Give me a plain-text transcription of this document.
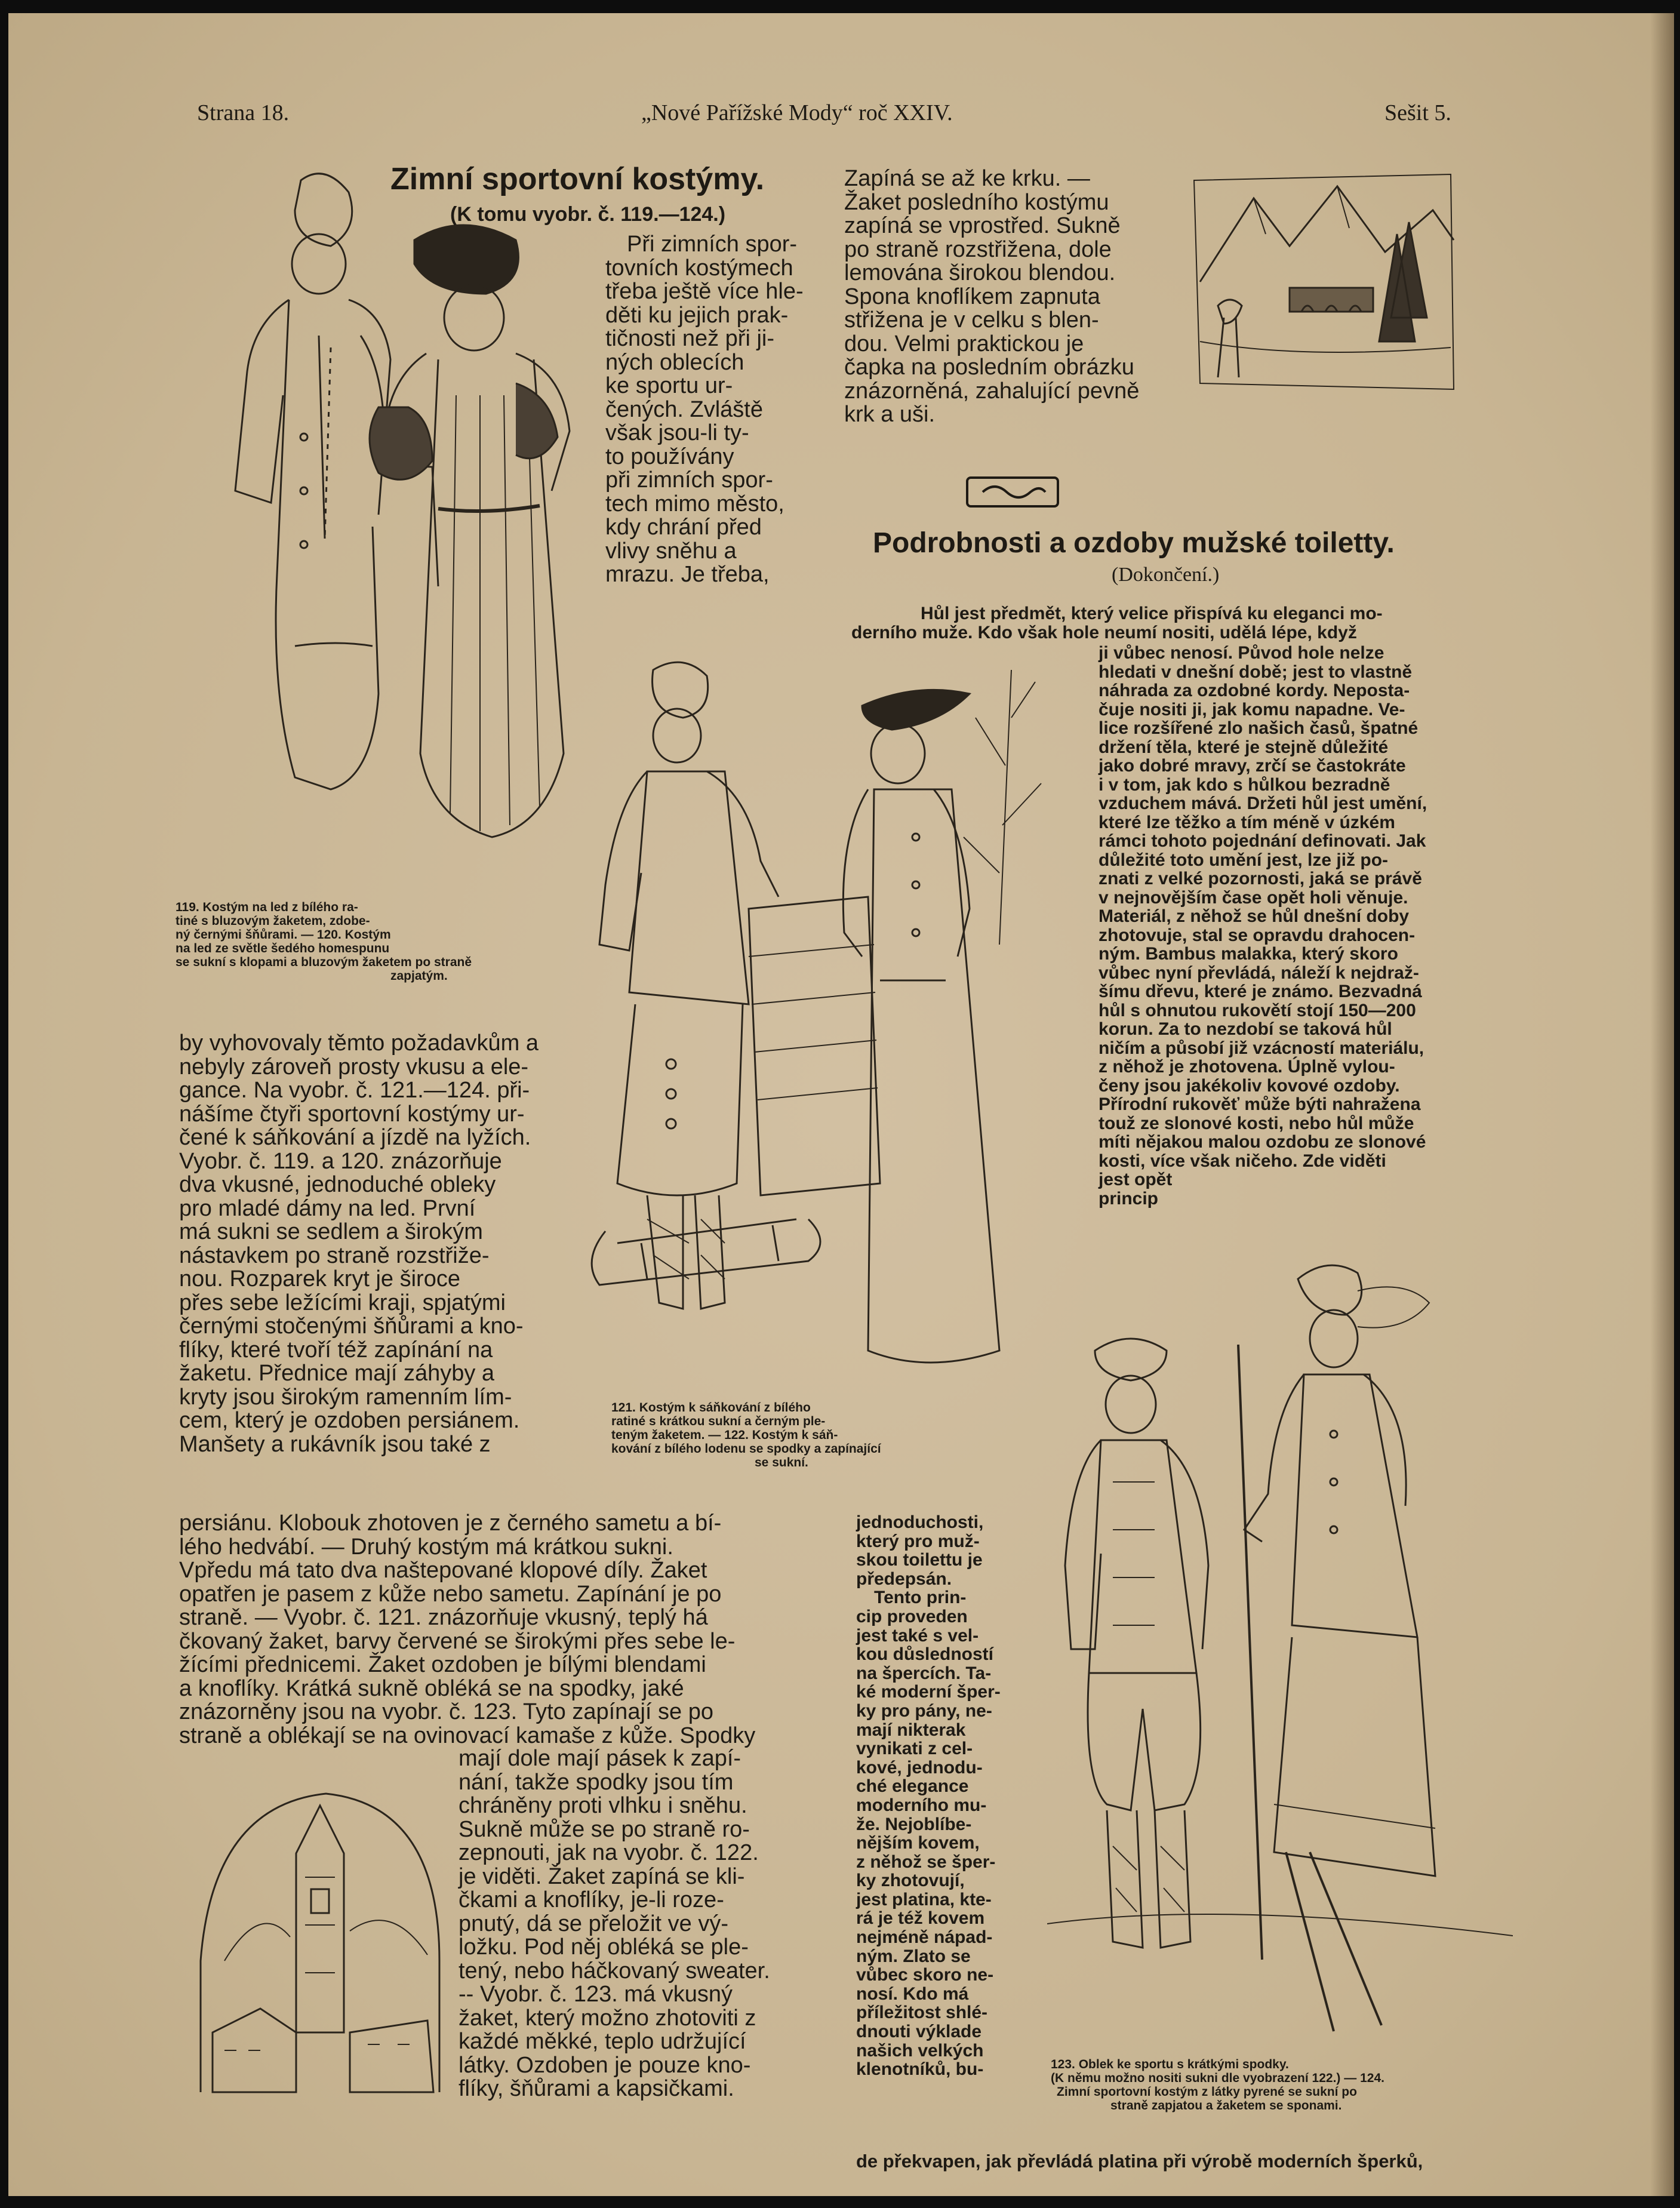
Strana 18.	„Nové Pařížské Mody“ roč XXIV.	Sešit 5.
Zimní sportovní kostýmy.
(K tomu vyobr. č. 119.—124.)

Při zimních spor-

tovních kostýmech

třeba ještě více hle-

děti ku jejich prak-

tičnosti než při ji-

ných oblecích

ke sportu ur-

čených. Zvláště

však jsou-li ty-

to používány

při zimních spor-

tech mimo město,

kdy chrání před

vlivy sněhu a

mrazu. Je třeba,

119. Kostým na led z bílého ra-
tiné s bluzovým žaketem, zdobe-
ný černými šňůrami. — 120. Kostým
na led ze světle šedého homespunu
se sukní s klopami a bluzovým žaketem po straně
zapjatým.

by vyhovovaly těmto požadavkům a

nebyly zároveň prosty vkusu a ele-

gance. Na vyobr. č. 121.—124. při-

nášíme čtyři sportovní kostýmy ur-

čené k sáňkování a jízdě na lyžích.

Vyobr. č. 119. a 120. znázorňuje

dva vkusné, jednoduché obleky

pro mladé dámy na led. První

má sukni se sedlem a širokým

nástavkem po straně rozstřiže-

nou. Rozparek kryt je široce

přes sebe ležícími kraji, spjatými

černými stočenými šňůrami a kno-

flíky, které tvoří též zapínání na

žaketu. Přednice mají záhyby a

kryty jsou širokým ramenním lím-

cem, který je ozdoben persiánem.

Manšety a rukávník jsou také z

121. Kostým k sáňkování z bílého
ratiné s krátkou sukní a černým ple-
teným žaketem. — 122. Kostým k sáň-
kování z bílého lodenu se spodky a zapínající
se sukní.

persiánu. Klobouk zhotoven je z černého sametu a bí-

lého hedvábí. — Druhý kostým má krátkou sukni.

Vpředu má tato dva naštepované klopové díly. Žaket

opatřen je pasem z kůže nebo sametu. Zapínání je po

straně. — Vyobr. č. 121. znázorňuje vkusný, teplý há

čkovaný žaket, barvy červené se širokými přes sebe le-

žícími přednicemi. Žaket ozdoben je bílými blendami

a knoflíky. Krátká sukně obléká se na spodky, jaké

znázorněny jsou na vyobr. č. 123. Tyto zapínají se po

straně a oblékají se na ovinovací kamaše z kůže. Spodky

mají dole mají pásek k zapí-

nání, takže spodky jsou tím

chráněny proti vlhku i sněhu.

Sukně může se po straně ro-

zepnouti, jak na vyobr. č. 122.

je viděti. Žaket zapíná se kli-

čkami a knoflíky, je-li roze-

pnutý, dá se přeložit ve vý-

ložku. Pod něj obléká se ple-

tený, nebo háčkovaný sweater.

-- Vyobr. č. 123. má vkusný

žaket, který možno zhotoviti z

každé měkké, teplo udržující

látky. Ozdoben je pouze kno-

flíky, šňůrami a kapsičkami.

Zapíná se až ke krku. —

Žaket posledního kostýmu

zapíná se vprostřed. Sukně

po straně rozstřižena, dole

lemována širokou blendou.

Spona knoflíkem zapnuta

střižena je v celku s blen-

dou. Velmi praktickou je

čapka na posledním obrázku

znázorněná, zahalující pevně

krk a uši.

Podrobnosti a ozdoby mužské toiletty.
(Dokončení.)

Hůl jest předmět, který velice přispívá ku eleganci mo-

derního muže. Kdo však hole neumí nositi, udělá lépe, když

ji vůbec nenosí. Původ hole nelze

hledati v dnešní době; jest to vlastně

náhrada za ozdobné kordy. Neposta-

čuje nositi ji, jak komu napadne. Ve-

lice rozšířené zlo našich časů, špatné

držení těla, které je stejně důležité

jako dobré mravy, zrčí se častokráte

i v tom, jak kdo s hůlkou bezradně

vzduchem mává. Držeti hůl jest umění,

které lze těžko a tím méně v úzkém

rámci tohoto pojednání definovati. Jak

důležité toto umění jest, lze již po-

znati z velké pozornosti, jaká se právě

v nejnovějším čase opět holi věnuje.

Materiál, z něhož se hůl dnešní doby

zhotovuje, stal se opravdu drahocen-

ným. Bambus malakka, který skoro

vůbec nyní převládá, náleží k nejdraž-

šímu dřevu, které je známo. Bezvadná

hůl s ohnutou rukovětí stojí 150—200

korun. Za to nezdobí se taková hůl

ničím a působí již vzácností materiálu,

z něhož je zhotovena. Úplně vylou-

čeny jsou jakékoliv kovové ozdoby.

Přírodní rukověť může býti nahražena

touž ze slonové kosti, nebo hůl může

míti nějakou malou ozdobu ze slonové

kosti, více však ničeho. Zde viděti

jest opět

princip

123. Oblek ke sportu s krátkými spodky.
(K němu možno nositi sukni dle vyobrazení 122.) — 124.
Zimní sportovní kostým z látky pyrené se sukní po
straně zapjatou a žaketem se sponami.

jednoduchosti,

který pro muž-

skou toilettu je

předepsán.

Tento prin-

cip proveden

jest také s vel-

kou důsledností

na špercích. Ta-

ké moderní šper-

ky pro pány, ne-

mají nikterak

vynikati z cel-

kové, jednodu-

ché elegance

moderního mu-

že. Nejoblíbe-

nějším kovem,

z něhož se šper-

ky zhotovují,

jest platina, kte-

rá je též kovem

nejméně nápad-

ným. Zlato se

vůbec skoro ne-

nosí. Kdo má

příležitost shlé-

dnouti výklade

našich velkých

klenotníků, bu-

de překvapen, jak převládá platina při výrobě moderních šperků,
